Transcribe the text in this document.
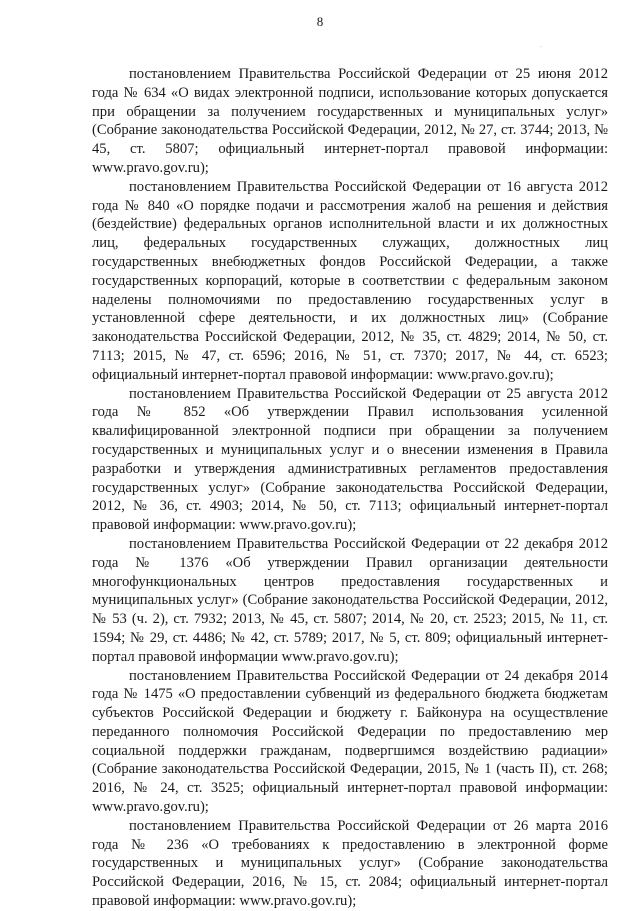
8
·
·

постановлением Правительства Российской Федерации от 25 июня 2012 года № 634 «О видах электронной подписи, использование которых допускается при обращении за получением государственных и муниципальных услуг» (Собрание законодательства Российской Федерации, 2012, № 27, ст. 3744; 2013, № 45, ст. 5807; официальный интернет-портал правовой информации: www.pravo.gov.ru);

постановлением Правительства Российской Федерации от 16 августа 2012 года № 840 «О порядке подачи и рассмотрения жалоб на решения и действия (бездействие) федеральных органов исполнительной власти и их должностных лиц, федеральных государственных служащих, должностных лиц государственных внебюджетных фондов Российской Федерации, а также государственных корпораций, которые в соответствии с федеральным законом наделены полномочиями по предоставлению государственных услуг в установленной сфере деятельности, и их должностных лиц» (Собрание законодательства Российской Федерации, 2012, № 35, ст. 4829; 2014, № 50, ст. 7113; 2015, № 47, ст. 6596; 2016, № 51, ст. 7370; 2017, № 44, ст. 6523; официальный интернет-портал правовой информации: www.pravo.gov.ru);

постановлением Правительства Российской Федерации от 25 августа 2012 года № 852 «Об утверждении Правил использования усиленной квалифицированной электронной подписи при обращении за получением государственных и муниципальных услуг и о внесении изменения в Правила разработки и утверждения административных регламентов предоставления государственных услуг» (Собрание законодательства Российской Федерации, 2012, № 36, ст. 4903; 2014, № 50, ст. 7113; официальный интернет-портал правовой информации: www.pravo.gov.ru);

постановлением Правительства Российской Федерации от 22 декабря 2012 года № 1376 «Об утверждении Правил организации деятельности многофункциональных центров предоставления государственных и муниципальных услуг» (Собрание законодательства Российской Федерации, 2012, № 53 (ч. 2), ст. 7932; 2013, № 45, ст. 5807; 2014, № 20, ст. 2523; 2015, № 11, ст. 1594; № 29, ст. 4486; № 42, ст. 5789; 2017, № 5, ст. 809; официальный интернет-портал правовой информации www.pravo.gov.ru);

постановлением Правительства Российской Федерации от 24 декабря 2014 года № 1475 «О предоставлении субвенций из федерального бюджета бюджетам субъектов Российской Федерации и бюджету г. Байконура на осуществление переданного полномочия Российской Федерации по предоставлению мер социальной поддержки гражданам, подвергшимся воздействию радиации» (Собрание законодательства Российской Федерации, 2015, № 1 (часть II), ст. 268; 2016, № 24, ст. 3525; официальный интернет-портал правовой информации: www.pravo.gov.ru);

постановлением Правительства Российской Федерации от 26 марта 2016 года № 236 «О требованиях к предоставлению в электронной форме государственных и муниципальных услуг» (Собрание законодательства Российской Федерации, 2016, № 15, ст. 2084; официальный интернет-портал правовой информации: www.pravo.gov.ru);
